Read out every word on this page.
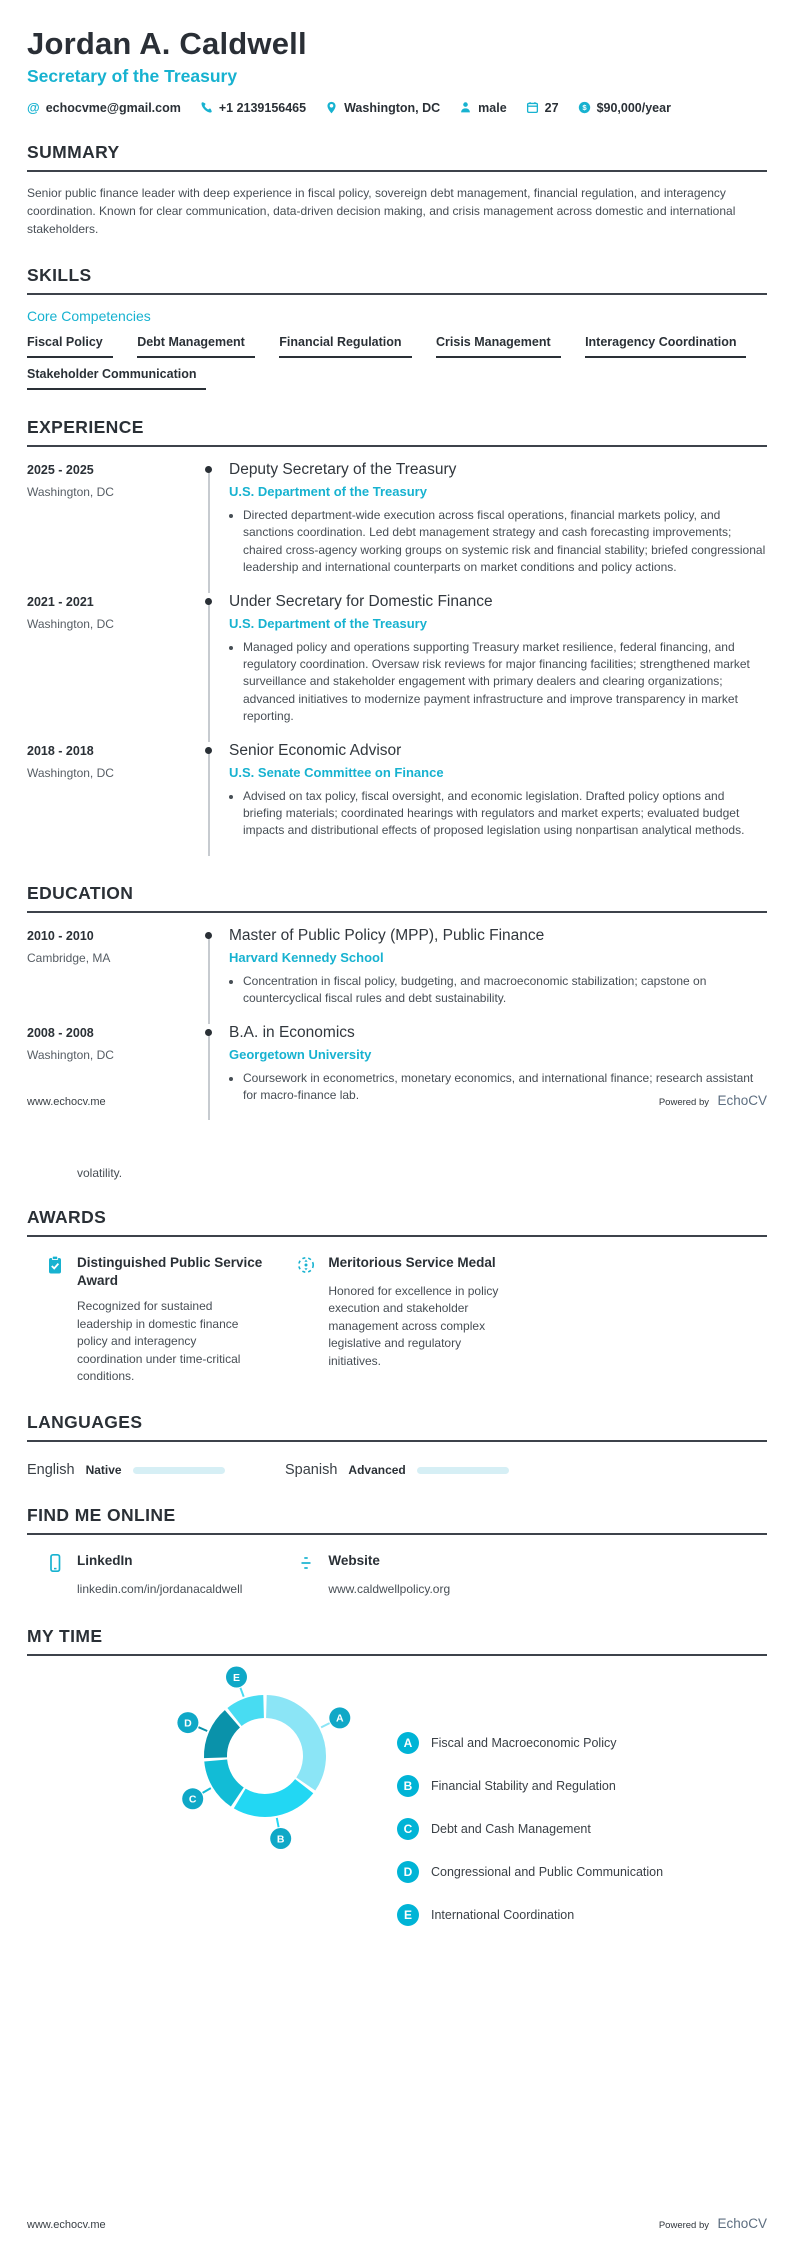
Jordan A. Caldwell
Secretary of the Treasury
@ echocvme@gmail.com	+1 2139156465	Washington, DC	male	27 $ $90,000/year
SUMMARY

Senior public finance leader with deep experience in fiscal policy, sovereign debt management, financial regulation, and interagency coordination. Known for clear communication, data-driven decision making, and crisis management across domestic and international stakeholders.

SKILLS
Core Competencies
Fiscal Policy	Debt Management	Financial Regulation	Crisis Management	Interagency Coordination Stakeholder Communication
EXPERIENCE
2025 - 2025
Washington, DC
Deputy Secretary of the Treasury
U.S. Department of the Treasury
• Directed department-wide execution across fiscal operations, financial markets policy, and sanctions coordination. Led debt management strategy and cash forecasting improvements; chaired cross-agency working groups on systemic risk and financial stability; briefed congressional leadership and international counterparts on market conditions and policy actions.
2021 - 2021
Washington, DC
Under Secretary for Domestic Finance
U.S. Department of the Treasury
• Managed policy and operations supporting Treasury market resilience, federal financing, and regulatory coordination. Oversaw risk reviews for major financing facilities; strengthened market surveillance and stakeholder engagement with primary dealers and clearing organizations; advanced initiatives to modernize payment infrastructure and improve transparency in market reporting.
2018 - 2018
Washington, DC
Senior Economic Advisor
U.S. Senate Committee on Finance
• Advised on tax policy, fiscal oversight, and economic legislation. Drafted policy options and briefing materials; coordinated hearings with regulators and market experts; evaluated budget impacts and distributional effects of proposed legislation using nonpartisan analytical methods.
EDUCATION
2010 - 2010
Cambridge, MA
Master of Public Policy (MPP), Public Finance
Harvard Kennedy School
• Concentration in fiscal policy, budgeting, and macroeconomic stabilization; capstone on countercyclical fiscal rules and debt sustainability.
2008 - 2008
Washington, DC
B.A. in Economics
Georgetown University
• Coursework in econometrics, monetary economics, and international finance; research assistant for macro-finance lab.
www.echocv.me	Powered by EchoCV
volatility.
AWARDS
Distinguished Public Service Award
Recognized for sustained leadership in domestic finance policy and interagency coordination under time-critical conditions.
Meritorious Service Medal
Honored for excellence in policy execution and stakeholder management across complex legislative and regulatory initiatives.
LANGUAGES
English Native	Spanish Advanced
FIND ME ONLINE
LinkedIn
linkedin.com/in/jordanacaldwell
Website
www.caldwellpolicy.org
MY TIME
A
B
C
D
E
A	Fiscal and Macroeconomic Policy
B	Financial Stability and Regulation
C	Debt and Cash Management
D	Congressional and Public Communication
E	International Coordination
www.echocv.me	Powered by EchoCV
